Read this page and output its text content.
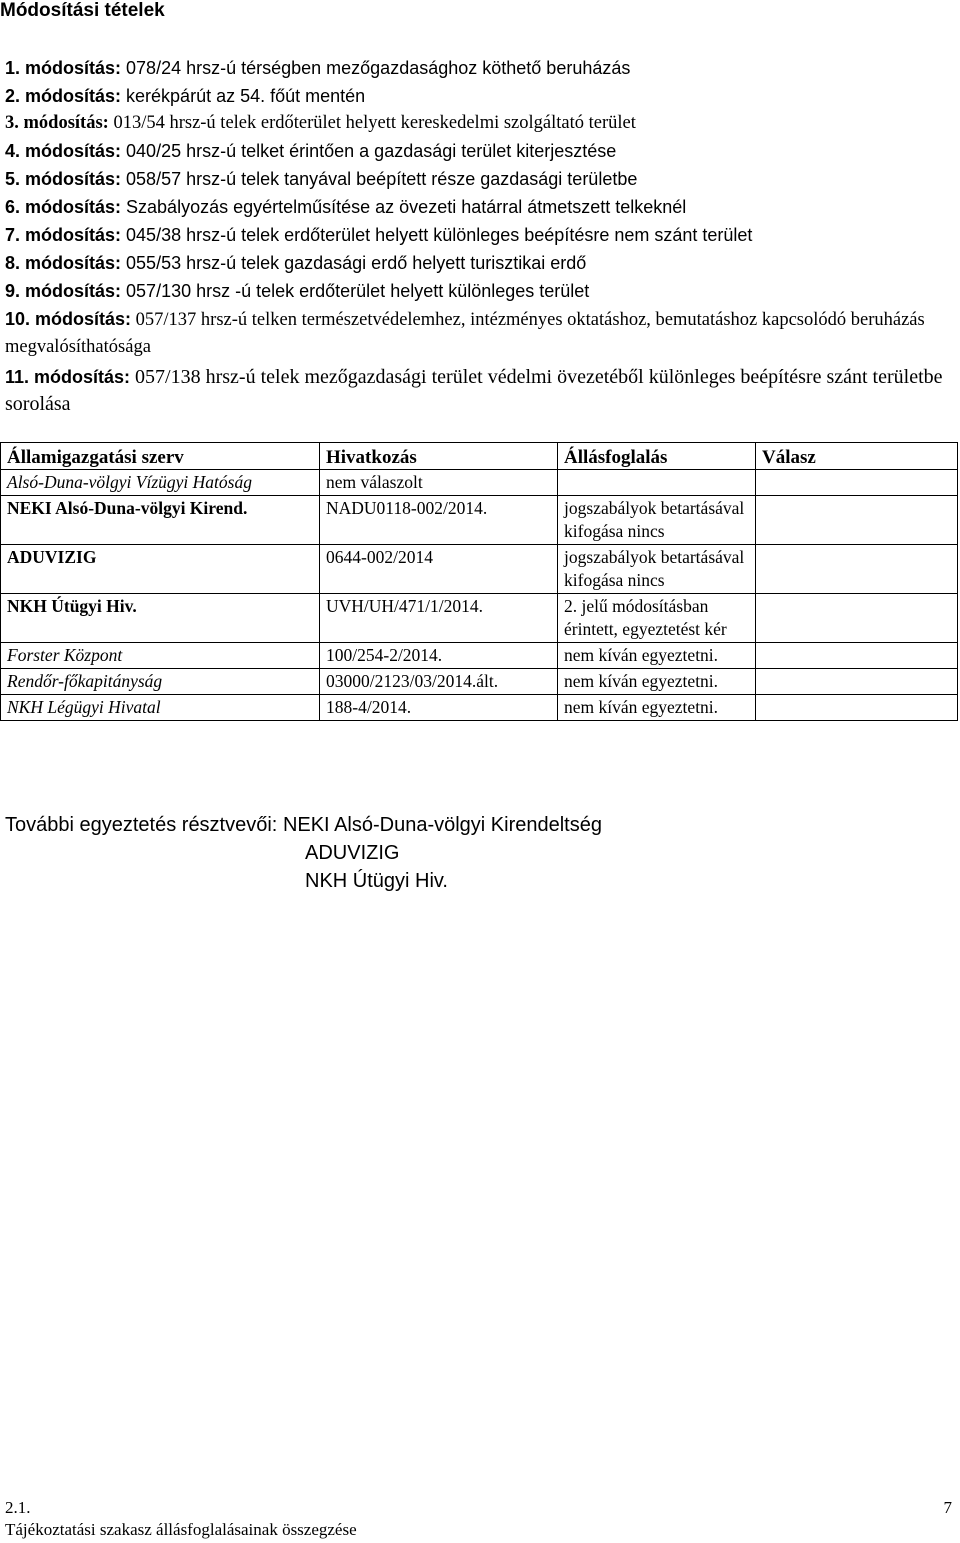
Módosítási tételek
1. módosítás: 078/24 hrsz-ú térségben mezőgazdasághoz köthető beruházás
2. módosítás: kerékpárút az 54. főút mentén
3. módosítás: 013/54 hrsz-ú telek erdőterület helyett kereskedelmi szolgáltató terület
4. módosítás: 040/25 hrsz-ú telket érintően a gazdasági terület kiterjesztése
5. módosítás: 058/57 hrsz-ú telek tanyával beépített része gazdasági területbe
6. módosítás: Szabályozás egyértelműsítése az övezeti határral átmetszett telkeknél
7. módosítás: 045/38 hrsz-ú telek erdőterület helyett különleges beépítésre nem szánt terület
8. módosítás: 055/53 hrsz-ú telek gazdasági erdő helyett turisztikai erdő
9. módosítás: 057/130 hrsz -ú telek erdőterület helyett különleges terület
10. módosítás: 057/137 hrsz-ú telken természetvédelemhez, intézményes oktatáshoz, bemutatáshoz kapcsolódó beruházás megvalósíthatósága
11. módosítás: 057/138 hrsz-ú telek mezőgazdasági terület védelmi övezetéből különleges beépítésre szánt területbe sorolása
Államigazgatási szerv	Hivatkozás	Állásfoglalás	Válasz
Alsó-Duna-völgyi Vízügyi Hatóság	nem válaszolt		
NEKI Alsó-Duna-völgyi Kirend.	NADU0118-002/2014.	jogszabályok betartásával kifogása nincs	
ADUVIZIG	0644-002/2014	jogszabályok betartásával kifogása nincs	
NKH Útügyi Hiv.	UVH/UH/471/1/2014.	2. jelű módosításban érintett, egyeztetést kér	
Forster Központ	100/254-2/2014.	nem kíván egyeztetni.	
Rendőr-főkapitányság	03000/2123/03/2014.ált.	nem kíván egyeztetni.	
NKH Légügyi Hivatal	188-4/2014.	nem kíván egyeztetni.	
További egyeztetés résztvevői: NEKI Alsó-Duna-völgyi Kirendeltség
ADUVIZIG
NKH Útügyi Hiv.
2.1.
Tájékoztatási szakasz állásfoglalásainak összegzése
7
